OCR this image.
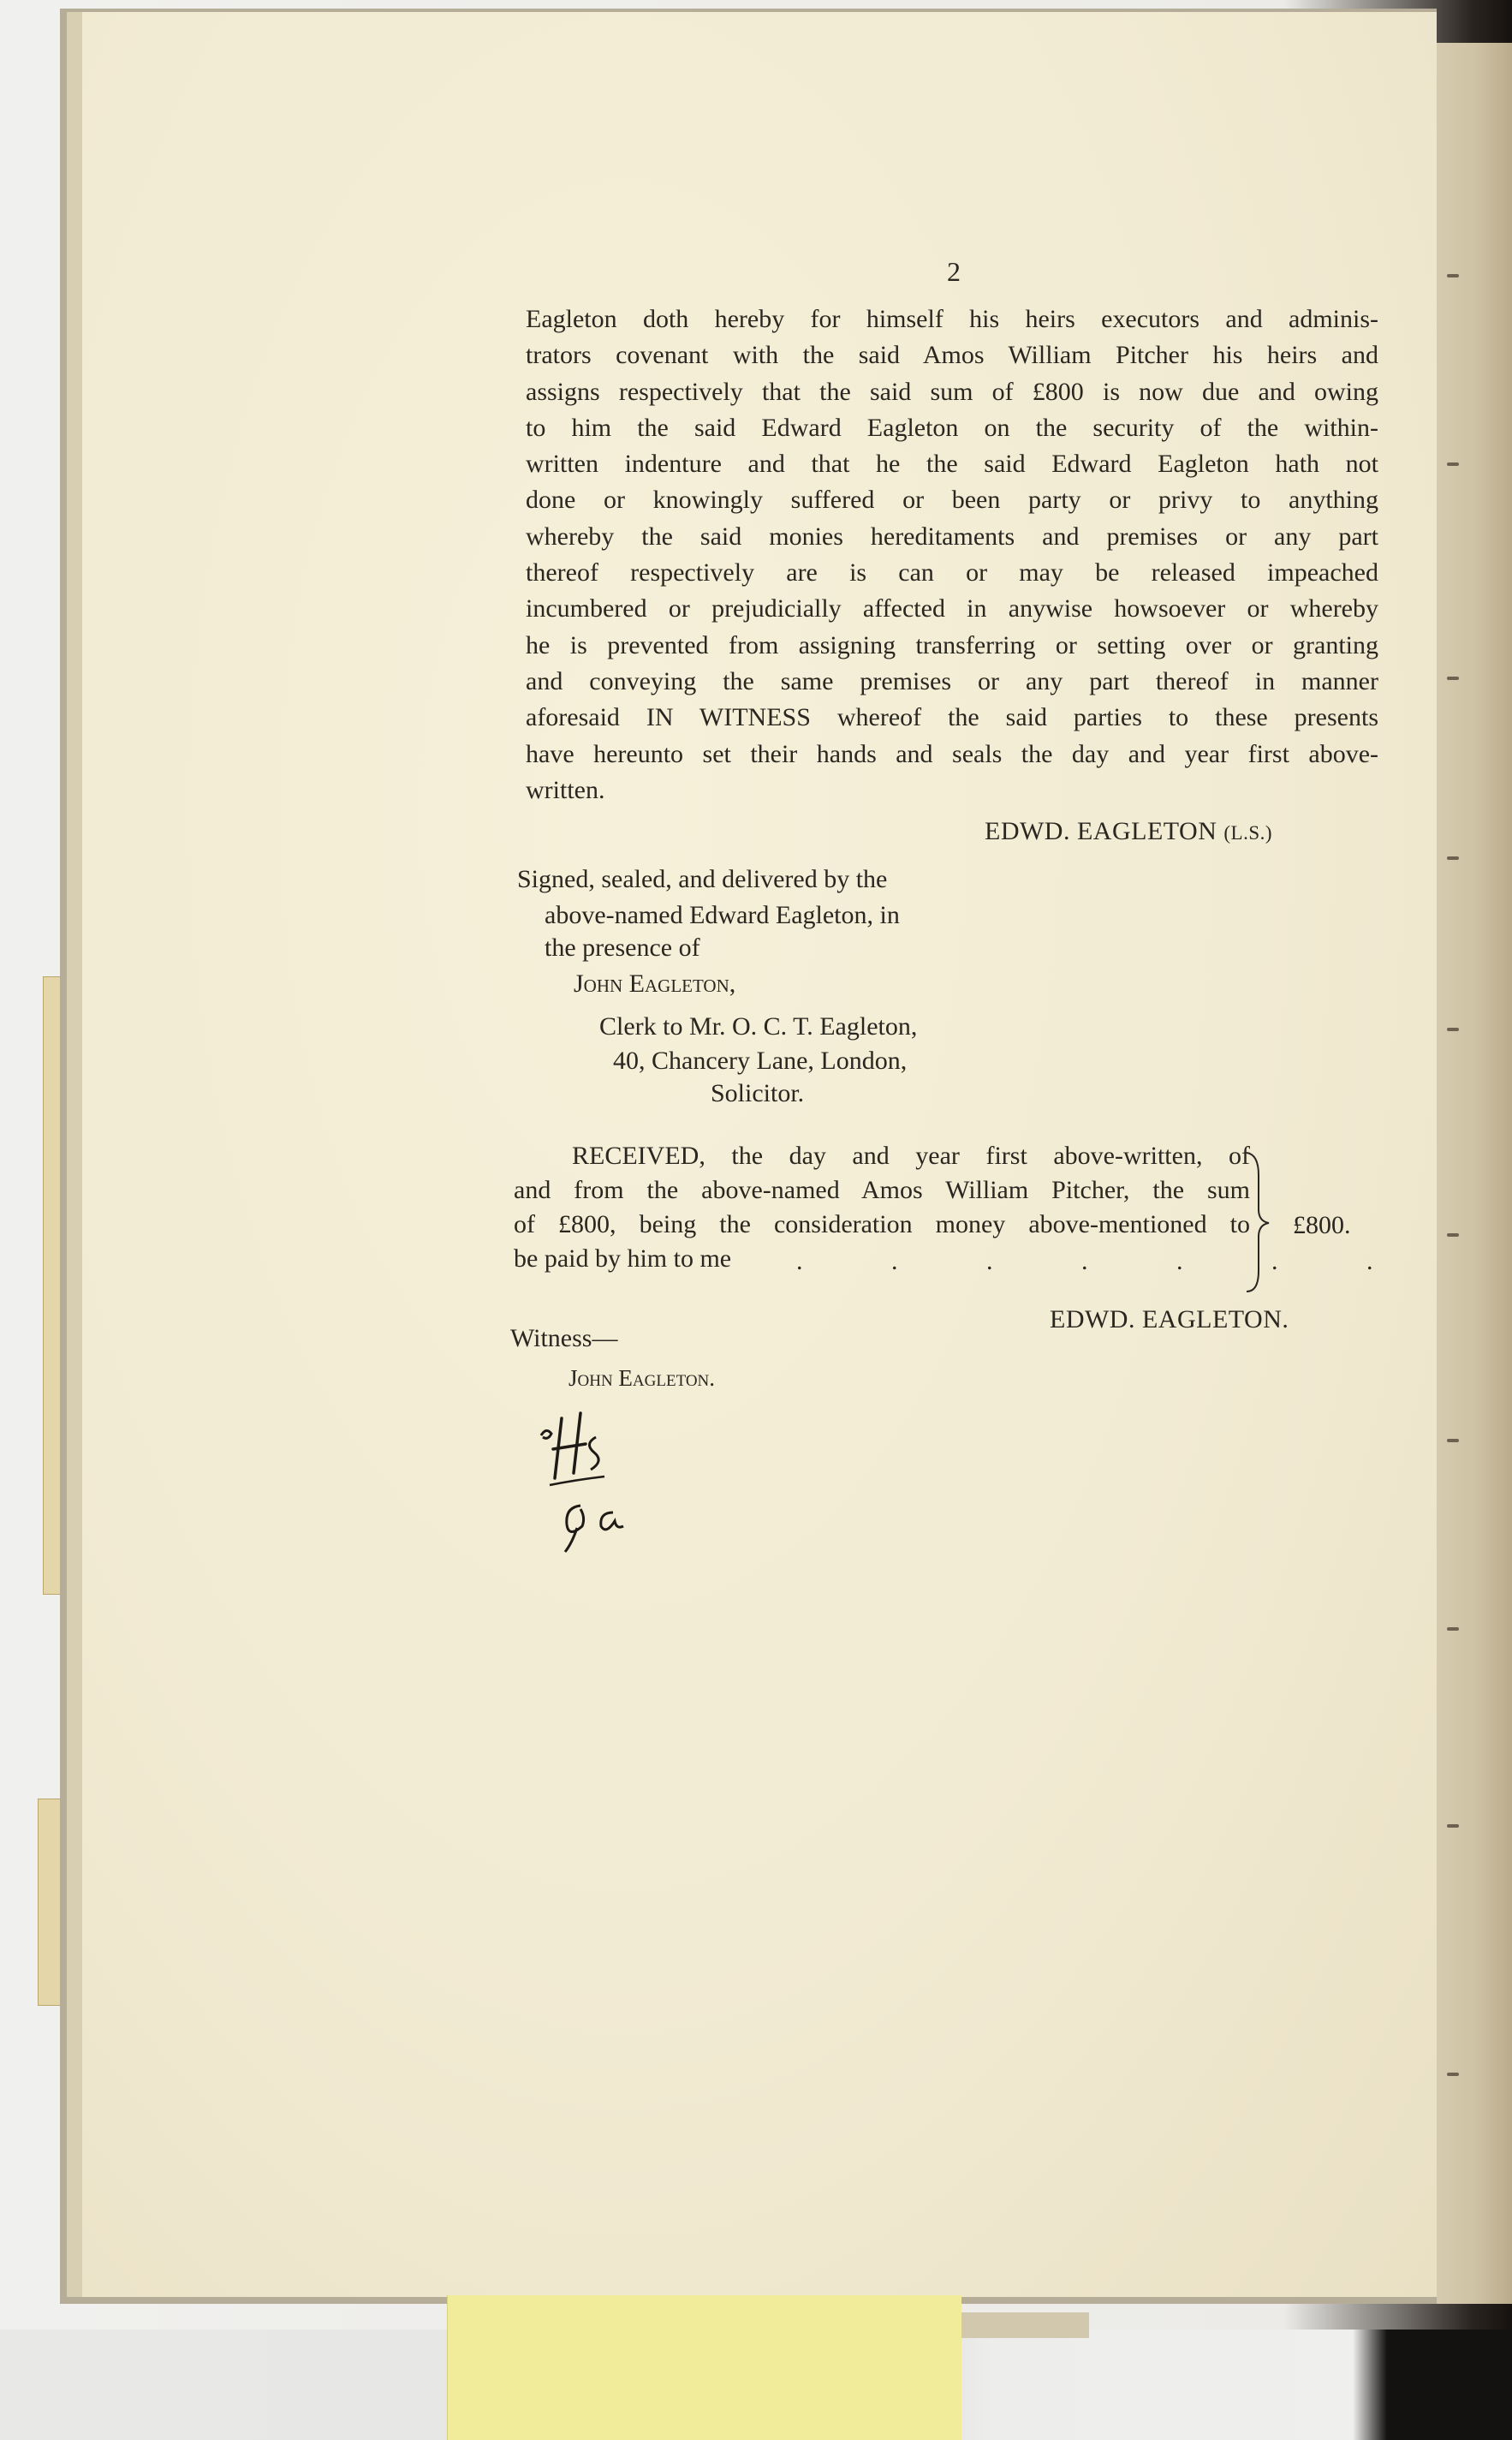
2
Eagleton doth hereby for himself his heirs executors and adminis-
trators covenant with the said Amos William Pitcher his heirs and
assigns respectively that the said sum of £800 is now due and owing
to him the said Edward Eagleton on the security of the within-
written indenture and that he the said Edward Eagleton hath not
done or knowingly suffered or been party or privy to anything
whereby the said monies hereditaments and premises or any part
thereof respectively are is can or may be released impeached
incumbered or prejudicially affected in anywise howsoever or whereby
he is prevented from assigning transferring or setting over or granting
and conveying the same premises or any part thereof in manner
aforesaid IN WITNESS whereof the said parties to these presents
have hereunto set their hands and seals the day and year first above-
written.
EDWD. EAGLETON (L.S.)
Signed, sealed, and delivered by the
above-named Edward Eagleton, in
the presence of
John Eagleton,
Clerk to Mr. O. C. T. Eagleton,
40, Chancery Lane, London,
Solicitor.
RECEIVED, the day and year first above-written, of
and from the above-named Amos William Pitcher, the sum
of £800, being the consideration money above-mentioned to
be paid by him to me	. . . . . . .
£800.
EDWD. EAGLETON.
Witness—
John Eagleton.
